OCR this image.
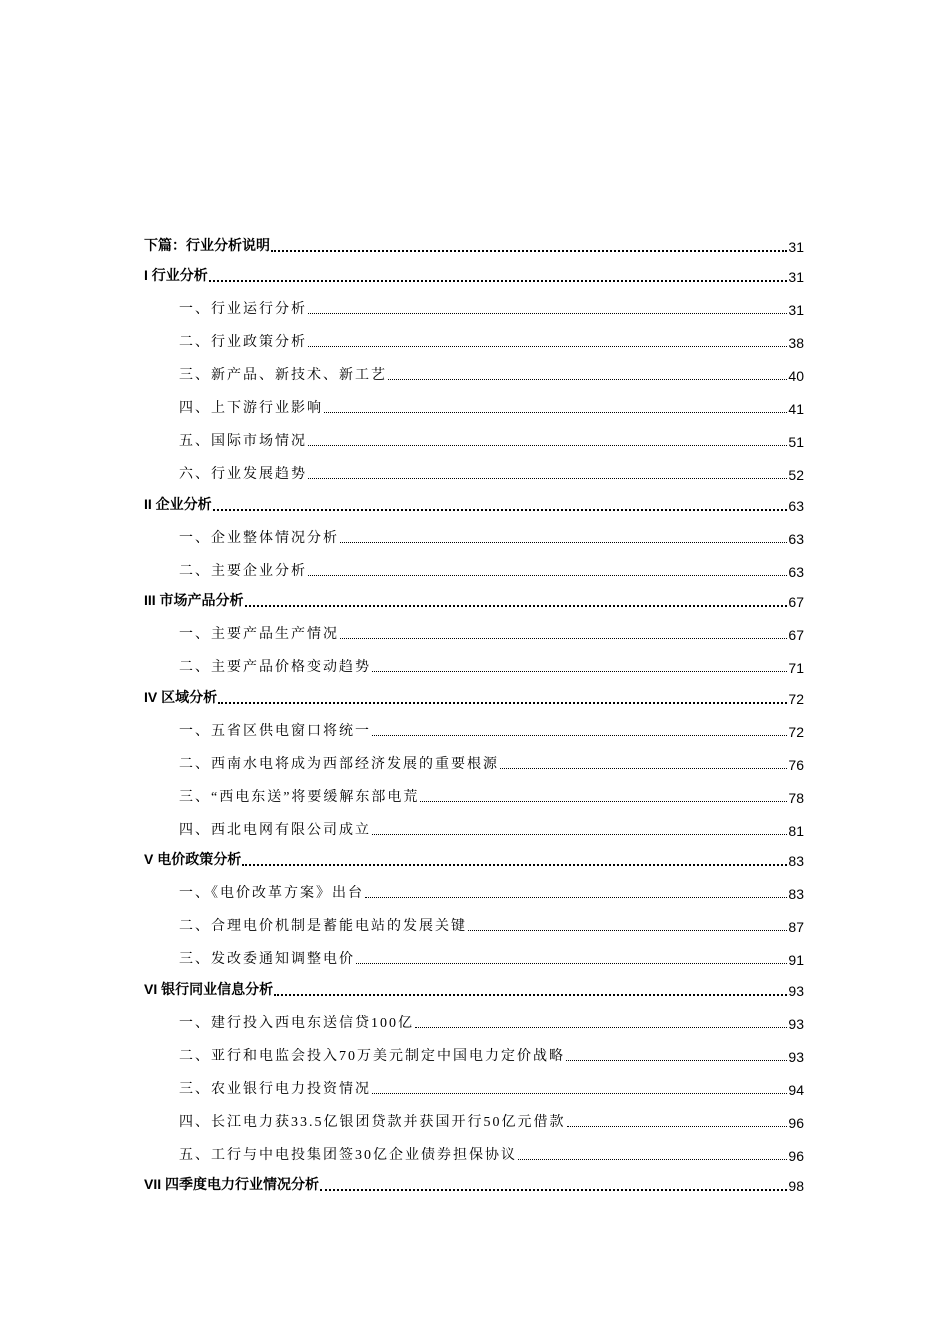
下篇：行业分析说明	31
I 行业分析	31
一、行业运行分析	31
二、行业政策分析	38
三、新产品、新技术、新工艺	40
四、上下游行业影响	41
五、国际市场情况	51
六、行业发展趋势	52
II 企业分析	63
一、企业整体情况分析	63
二、主要企业分析	63
III 市场产品分析	67
一、主要产品生产情况	67
二、主要产品价格变动趋势	71
IV 区域分析	72
一、五省区供电窗口将统一	72
二、西南水电将成为西部经济发展的重要根源	76
三、“西电东送”将要缓解东部电荒	78
四、西北电网有限公司成立	81
V 电价政策分析	83
一、《电价改革方案》出台	83
二、合理电价机制是蓄能电站的发展关键	87
三、发改委通知调整电价	91
VI 银行同业信息分析	93
一、建行投入西电东送信贷100亿	93
二、亚行和电监会投入70万美元制定中国电力定价战略	93
三、农业银行电力投资情况	94
四、长江电力获33.5亿银团贷款并获国开行50亿元借款	96
五、工行与中电投集团签30亿企业债券担保协议	96
VII 四季度电力行业情况分析	98
